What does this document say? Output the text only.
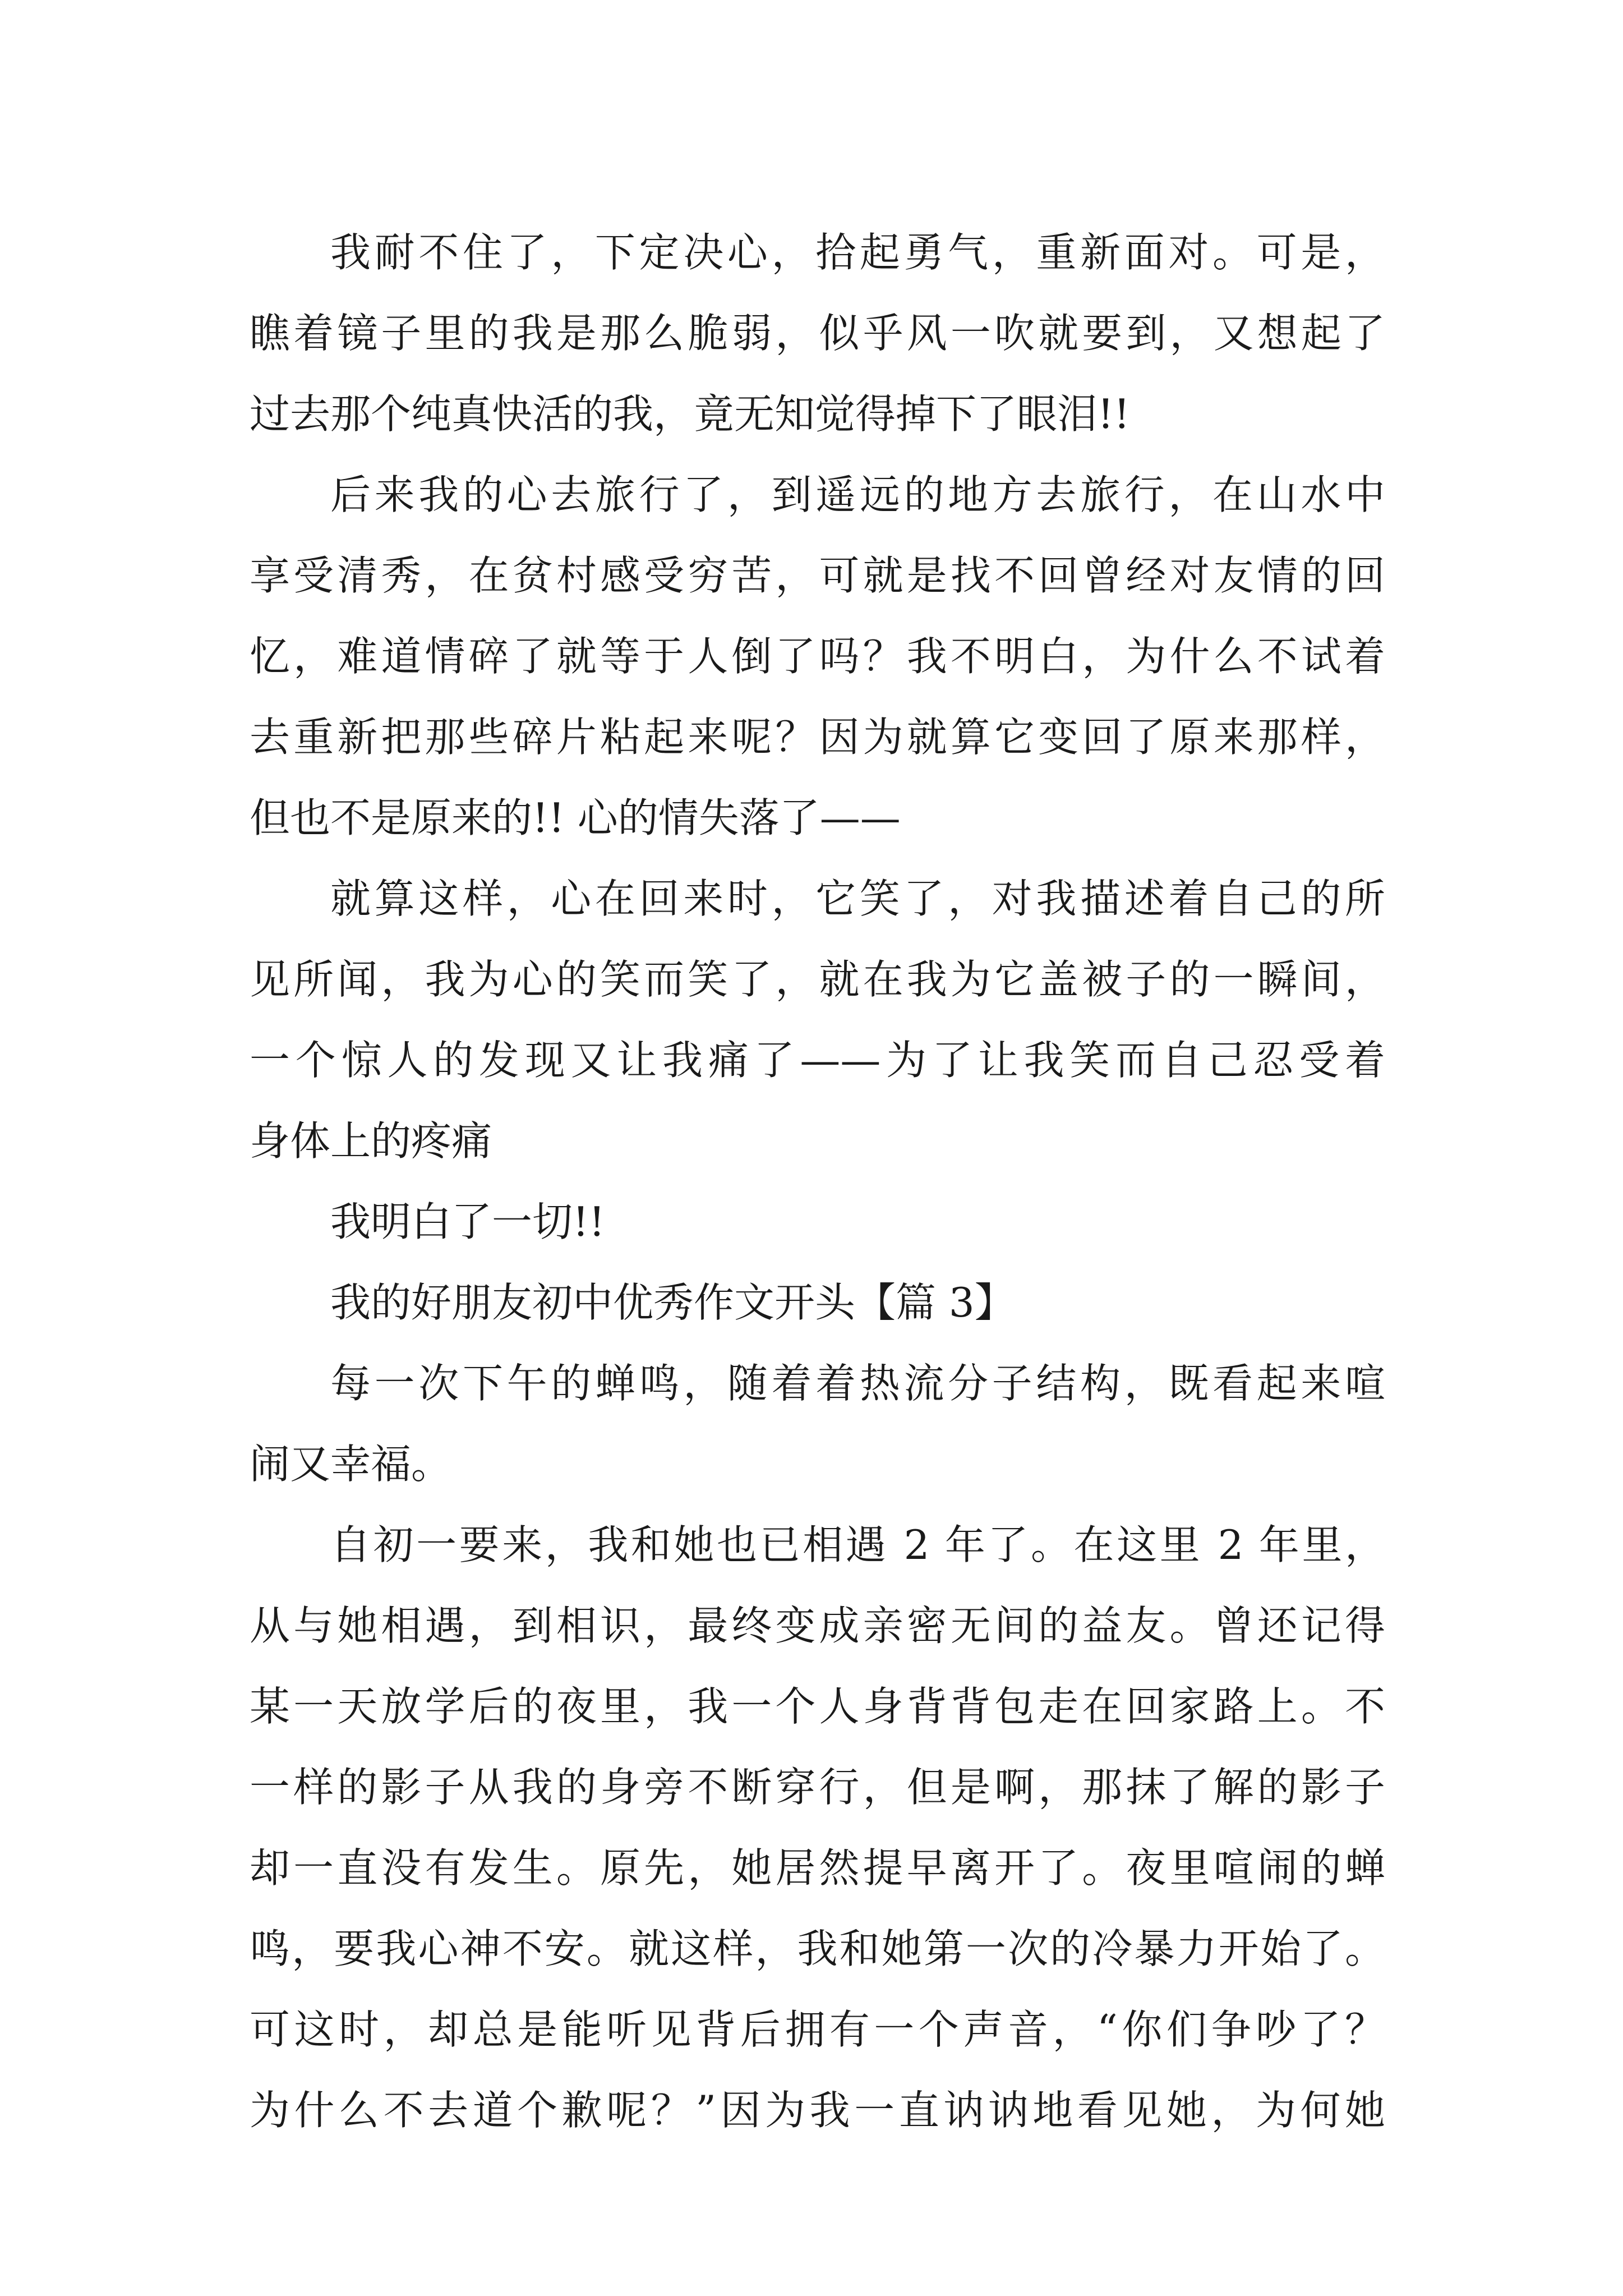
我耐不住了，下定决心，拾起勇气，重新面对。可是，
瞧着镜子里的我是那么脆弱，似乎风一吹就要到，又想起了
过去那个纯真快活的我，竟无知觉得掉下了眼泪!!
后来我的心去旅行了，到遥远的地方去旅行，在山水中
享受清秀，在贫村感受穷苦，可就是找不回曾经对友情的回
忆，难道情碎了就等于人倒了吗？我不明白，为什么不试着
去重新把那些碎片粘起来呢？因为就算它变回了原来那样，
但也不是原来的!! 心的情失落了——
就算这样，心在回来时，它笑了，对我描述着自己的所
见所闻，我为心的笑而笑了，就在我为它盖被子的一瞬间，
一个惊人的发现又让我痛了——为了让我笑而自己忍受着
身体上的疼痛
我明白了一切!!
我的好朋友初中优秀作文开头【篇 3】
每一次下午的蝉鸣，随着着热流分子结构，既看起来喧
闹又幸福。
自初一要来，我和她也已相遇 2 年了。在这里 2 年里，
从与她相遇，到相识，最终变成亲密无间的益友。曾还记得
某一天放学后的夜里，我一个人身背背包走在回家路上。不
一样的影子从我的身旁不断穿行，但是啊，那抹了解的影子
却一直没有发生。原先，她居然提早离开了。夜里喧闹的蝉
鸣，要我心神不安。就这样，我和她第一次的冷暴力开始了。
可这时，却总是能听见背后拥有一个声音，“你们争吵了？
为什么不去道个歉呢？”因为我一直讷讷地看见她，为何她
